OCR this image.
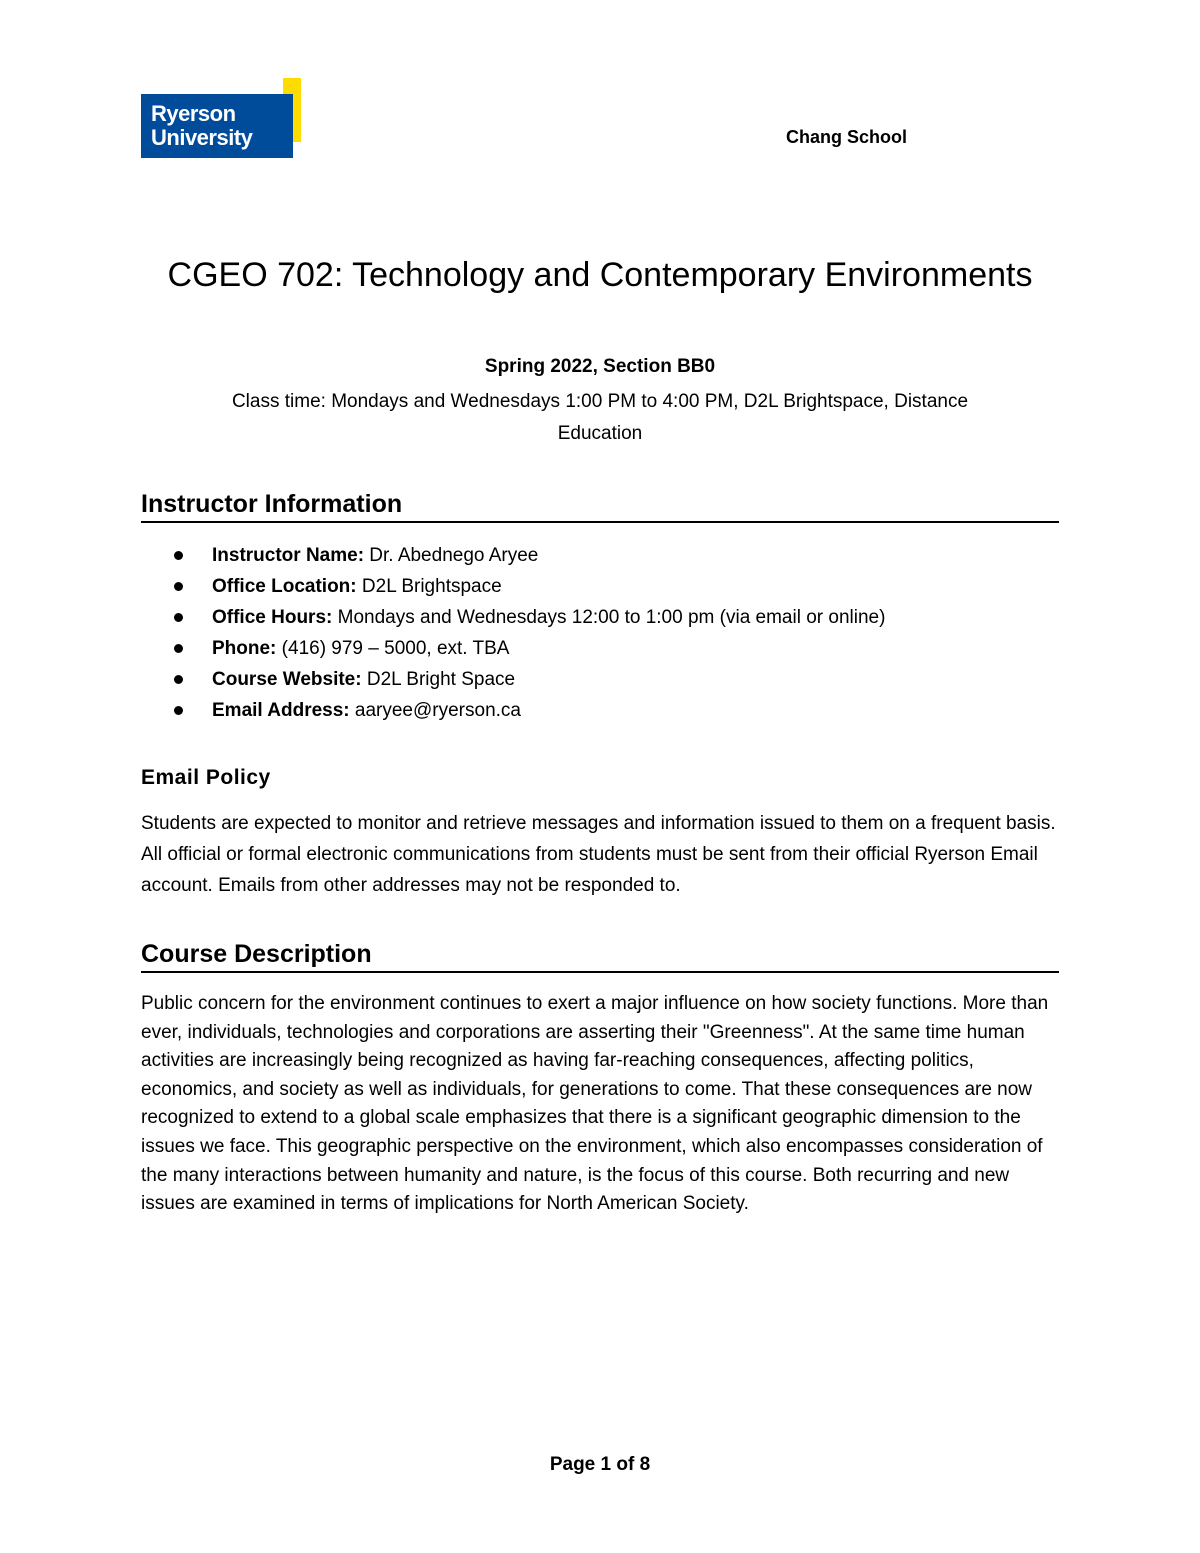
Ryerson
University	Chang School
CGEO 702: Technology and Contemporary Environments

Spring 2022, Section BB0

Class time: Mondays and Wednesdays 1:00 PM to 4:00 PM, D2L Brightspace, Distance Education

Instructor Information
Instructor Name: Dr. Abednego Aryee
Office Location: D2L Brightspace
Office Hours: Mondays and Wednesdays 12:00 to 1:00 pm (via email or online)
Phone: (416) 979 – 5000, ext. TBA
Course Website: D2L Bright Space
Email Address: aaryee@ryerson.ca
Email Policy

Students are expected to monitor and retrieve messages and information issued to them on a frequent basis. All official or formal electronic communications from students must be sent from their official Ryerson Email account. Emails from other addresses may not be responded to.

Course Description

Public concern for the environment continues to exert a major influence on how society functions. More than ever, individuals, technologies and corporations are asserting their "Greenness". At the same time human activities are increasingly being recognized as having far-reaching consequences, affecting politics, economics, and society as well as individuals, for generations to come. That these consequences are now recognized to extend to a global scale emphasizes that there is a significant geographic dimension to the issues we face. This geographic perspective on the environment, which also encompasses consideration of the many interactions between humanity and nature, is the focus of this course. Both recurring and new issues are examined in terms of implications for North American Society.

Page 1 of 8
